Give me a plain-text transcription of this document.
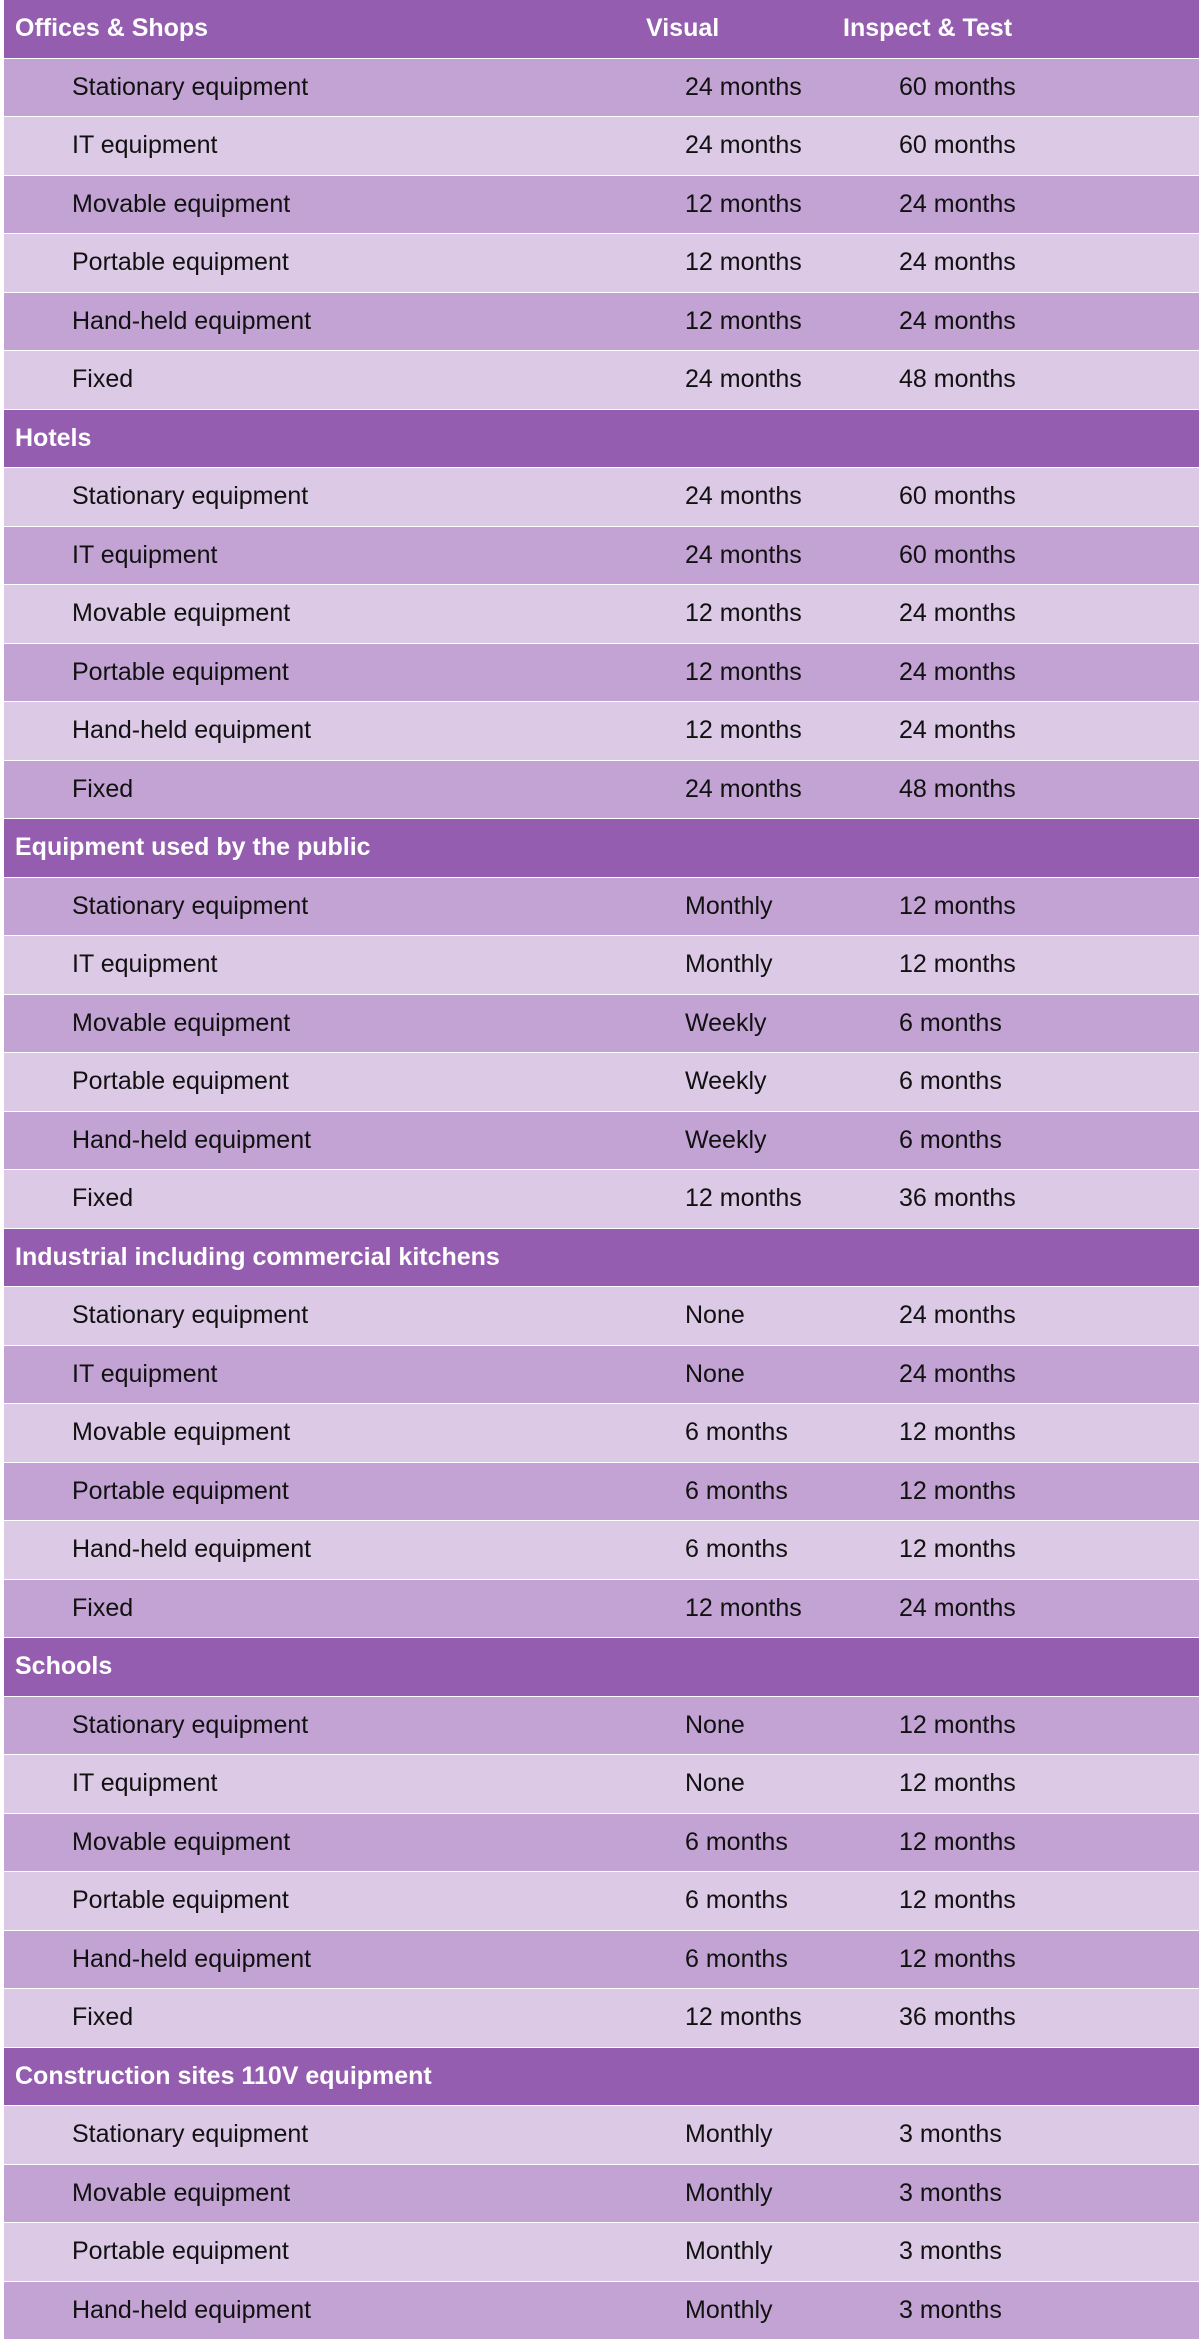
Offices & Shops	Visual	Inspect & Test
Stationary equipment	24 months	60 months
IT equipment	24 months	60 months
Movable equipment	12 months	24 months
Portable equipment	12 months	24 months
Hand-held equipment	12 months	24 months
Fixed	24 months	48 months
Hotels
Stationary equipment	24 months	60 months
IT equipment	24 months	60 months
Movable equipment	12 months	24 months
Portable equipment	12 months	24 months
Hand-held equipment	12 months	24 months
Fixed	24 months	48 months
Equipment used by the public
Stationary equipment	Monthly	12 months
IT equipment	Monthly	12 months
Movable equipment	Weekly	6 months
Portable equipment	Weekly	6 months
Hand-held equipment	Weekly	6 months
Fixed	12 months	36 months
Industrial including commercial kitchens
Stationary equipment	None	24 months
IT equipment	None	24 months
Movable equipment	6 months	12 months
Portable equipment	6 months	12 months
Hand-held equipment	6 months	12 months
Fixed	12 months	24 months
Schools
Stationary equipment	None	12 months
IT equipment	None	12 months
Movable equipment	6 months	12 months
Portable equipment	6 months	12 months
Hand-held equipment	6 months	12 months
Fixed	12 months	36 months
Construction sites 110V equipment
Stationary equipment	Monthly	3 months
Movable equipment	Monthly	3 months
Portable equipment	Monthly	3 months
Hand-held equipment	Monthly	3 months
